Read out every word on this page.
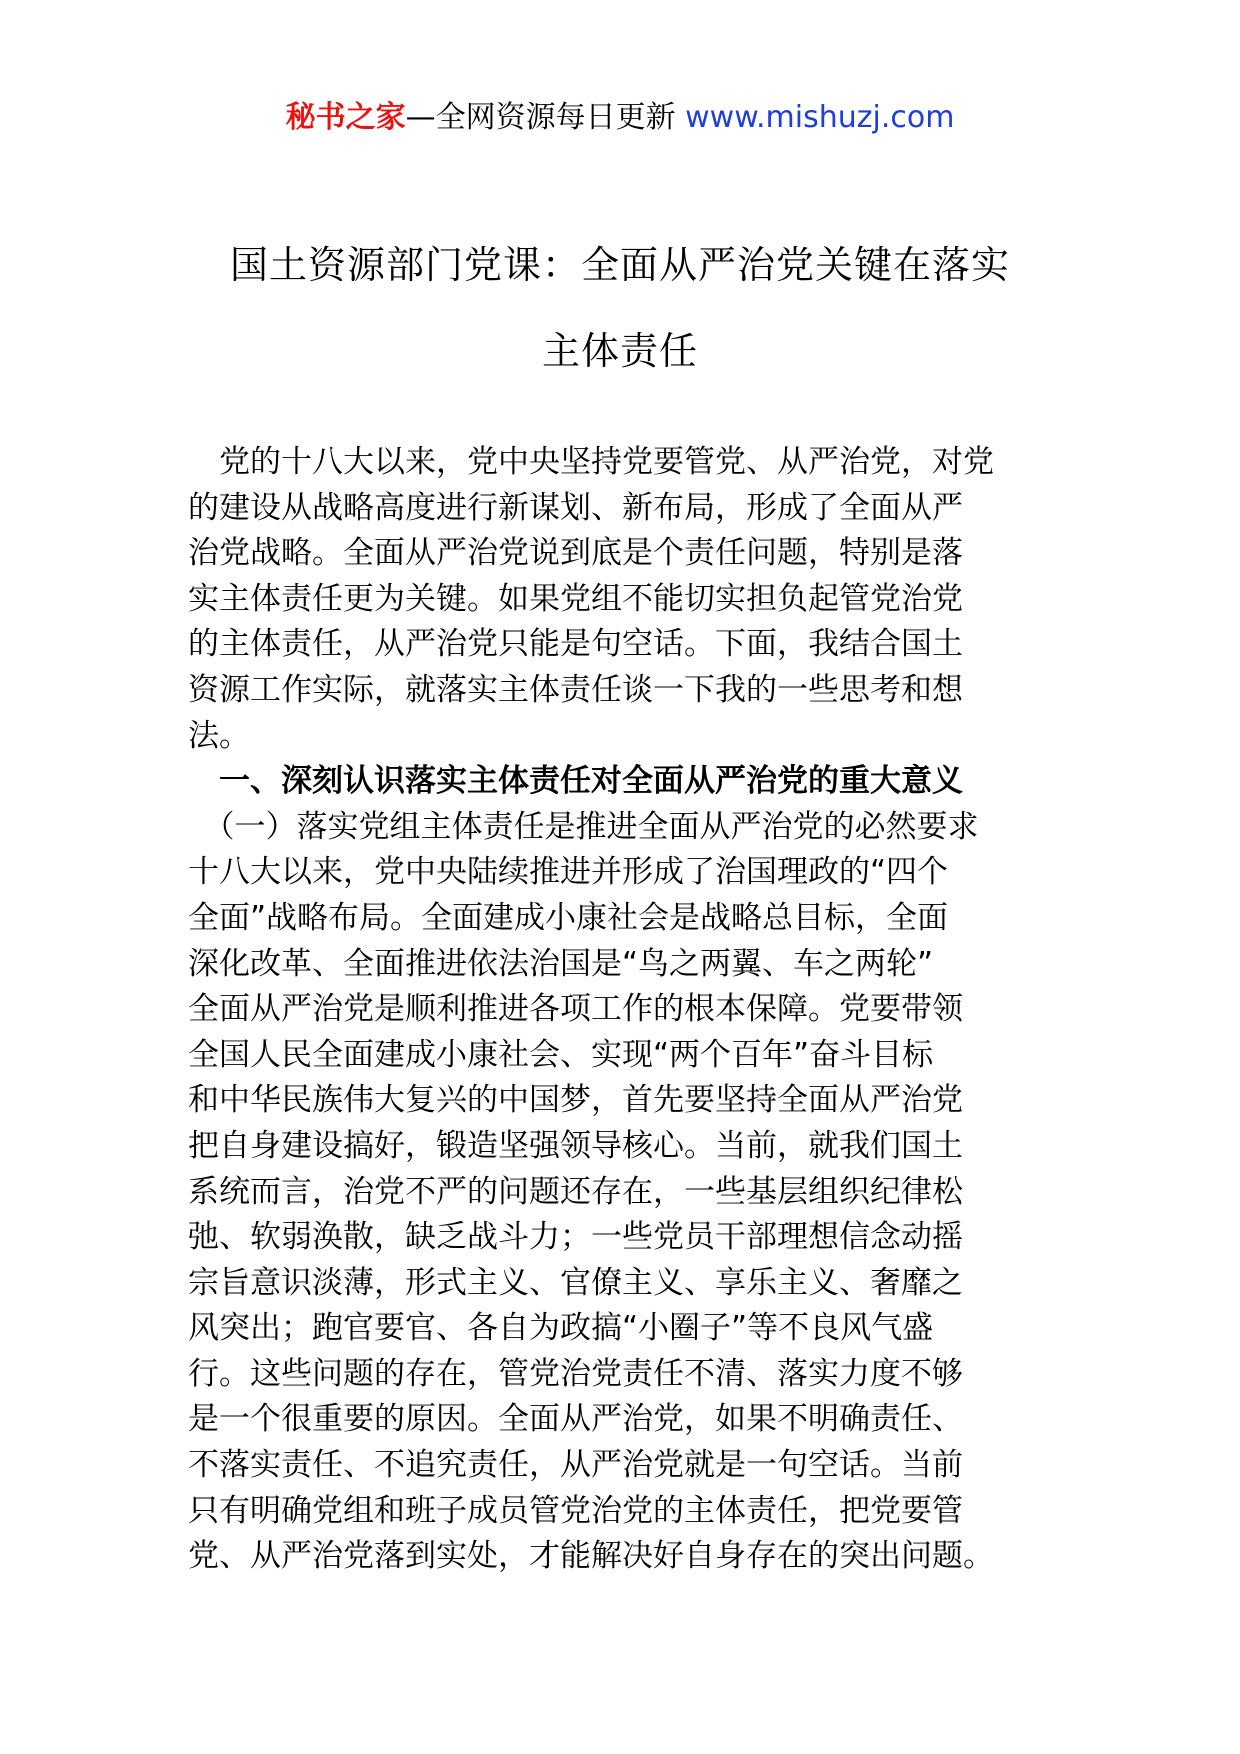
秘书之家—全网资源每日更新 www.mishuzj.com
国土资源部门党课：全面从严治党关键在落实
主体责任
　党的十八大以来，党中央坚持党要管党、从严治党，对党
的建设从战略高度进行新谋划、新布局，形成了全面从严
治党战略。全面从严治党说到底是个责任问题，特别是落
实主体责任更为关键。如果党组不能切实担负起管党治党
的主体责任，从严治党只能是句空话。下面，我结合国土
资源工作实际，就落实主体责任谈一下我的一些思考和想
法。
　一、深刻认识落实主体责任对全面从严治党的重大意义
　（一）落实党组主体责任是推进全面从严治党的必然要求
十八大以来，党中央陆续推进并形成了治国理政的“四个
全面”战略布局。全面建成小康社会是战略总目标，全面
深化改革、全面推进依法治国是“鸟之两翼、车之两轮”
全面从严治党是顺利推进各项工作的根本保障。党要带领
全国人民全面建成小康社会、实现“两个百年”奋斗目标
和中华民族伟大复兴的中国梦，首先要坚持全面从严治党
把自身建设搞好，锻造坚强领导核心。当前，就我们国土
系统而言，治党不严的问题还存在，一些基层组织纪律松
弛、软弱涣散，缺乏战斗力；一些党员干部理想信念动摇
宗旨意识淡薄，形式主义、官僚主义、享乐主义、奢靡之
风突出；跑官要官、各自为政搞“小圈子”等不良风气盛
行。这些问题的存在，管党治党责任不清、落实力度不够
是一个很重要的原因。全面从严治党，如果不明确责任、
不落实责任、不追究责任，从严治党就是一句空话。当前
只有明确党组和班子成员管党治党的主体责任，把党要管
党、从严治党落到实处，才能解决好自身存在的突出问题。
